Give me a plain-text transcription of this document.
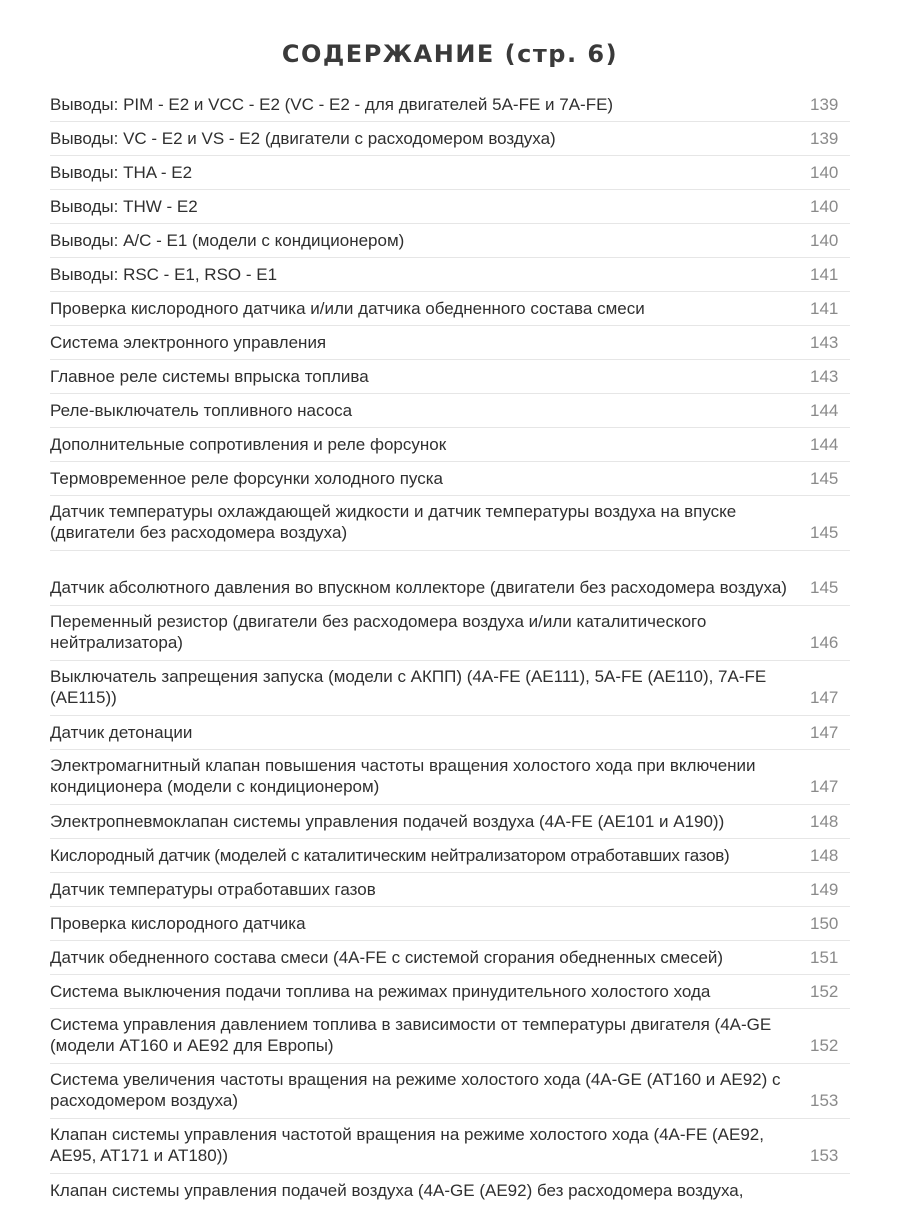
СОДЕРЖАНИЕ (стр. 6)
Выводы: PIM - E2 и VCC - E2 (VC - E2 - для двигателей 5A-FE и 7A-FE)	139
Выводы: VC - E2 и VS - E2 (двигатели с расходомером воздуха)	139
Выводы: THA - E2	140
Выводы: THW - E2	140
Выводы: A/C - E1 (модели с кондиционером)	140
Выводы: RSC - E1, RSO - E1	141
Проверка кислородного датчика и/или датчика обедненного состава смеси	141
Система электронного управления	143
Главное реле системы впрыска топлива	143
Реле-выключатель топливного насоса	144
Дополнительные сопротивления и реле форсунок	144
Термовременное реле форсунки холодного пуска	145
Датчик температуры охлаждающей жидкости и датчик температуры воздуха на впуске (двигатели без расходомера воздуха)	145
Датчик абсолютного давления во впускном коллекторе (двигатели без расходомера воздуха)	145
Переменный резистор (двигатели без расходомера воздуха и/или каталитического нейтрализатора)	146
Выключатель запрещения запуска (модели с АКПП) (4A-FE (AE111), 5A-FE (AE110), 7A-FE (AE115))	147
Датчик детонации	147
Электромагнитный клапан повышения частоты вращения холостого хода при включении кондиционера (модели с кондиционером)	147
Электропневмоклапан системы управления подачей воздуха (4A-FE (AE101 и A190))	148
Кислородный датчик (моделей с каталитическим нейтрализатором отработавших газов)	148
Датчик температуры отработавших газов	149
Проверка кислородного датчика	150
Датчик обедненного состава смеси (4A-FE с системой сгорания обедненных смесей)	151
Система выключения подачи топлива на режимах принудительного холостого хода	152
Система управления давлением топлива в зависимости от температуры двигателя (4A-GE (модели AT160 и AE92 для Европы)	152
Система увеличения частоты вращения на режиме холостого хода (4A-GE (AT160 и AE92) с расходомером воздуха)	153
Клапан системы управления частотой вращения на режиме холостого хода (4A-FE (AE92, AE95, AT171 и AT180))	153
Клапан системы управления подачей воздуха (4A-GE (AE92) без расходомера воздуха,
